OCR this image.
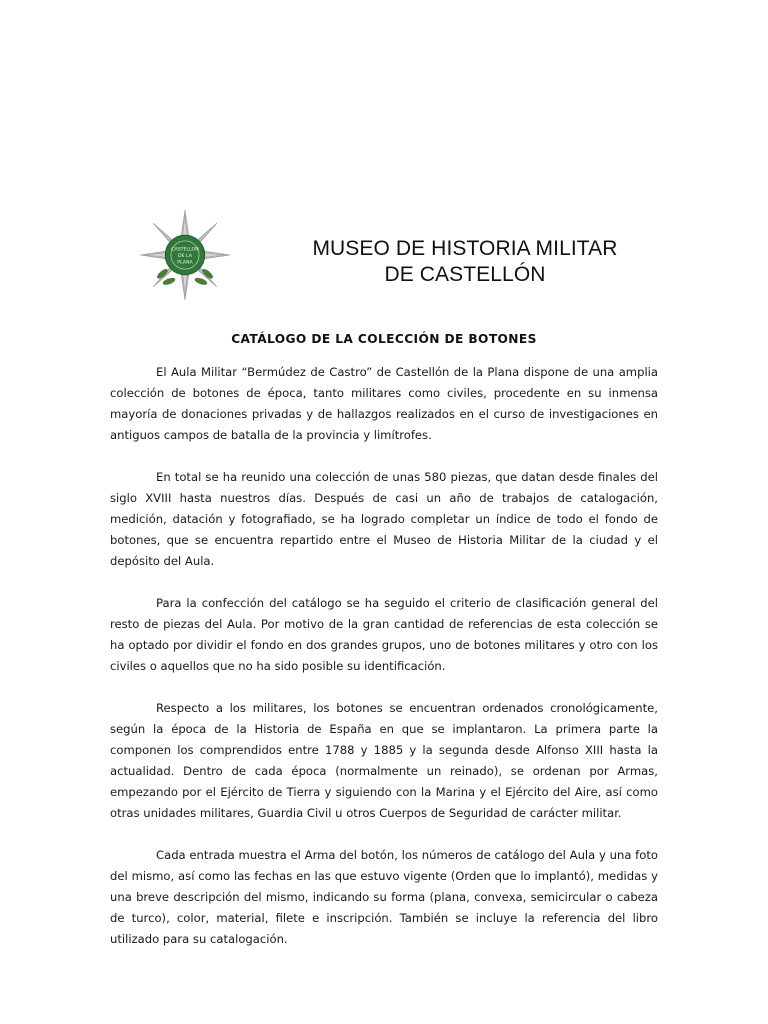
CASTELLON
DE LA
PLANA
MUSEO DE HISTORIA MILITAR
DE CASTELLÓN
CATÁLOGO DE LA COLECCIÓN DE BOTONES

El Aula Militar “Bermúdez de Castro” de Castellón de la Plana dispone de una amplia colección de botones de época, tanto militares como civiles, procedente en su inmensa mayoría de donaciones privadas y de hallazgos realizados en el curso de investigaciones en antiguos campos de batalla de la provincia y limítrofes.

En total se ha reunido una colección de unas 580 piezas, que datan desde finales del siglo XVIII hasta nuestros días. Después de casi un año de trabajos de catalogación, medición, datación y fotografiado, se ha logrado completar un índice de todo el fondo de botones, que se encuentra repartido entre el Museo de Historia Militar de la ciudad y el depósito del Aula.

Para la confección del catálogo se ha seguido el criterio de clasificación general del resto de piezas del Aula. Por motivo de la gran cantidad de referencias de esta colección se ha optado por dividir el fondo en dos grandes grupos, uno de botones militares y otro con los civiles o aquellos que no ha sido posible su identificación.

Respecto a los militares, los botones se encuentran ordenados cronológicamente, según la época de la Historia de España en que se implantaron. La primera parte la componen los comprendidos entre 1788 y 1885 y la segunda desde Alfonso XIII hasta la actualidad. Dentro de cada época (normalmente un reinado), se ordenan por Armas, empezando por el Ejército de Tierra y siguiendo con la Marina y el Ejército del Aire, así como otras unidades militares, Guardia Civil u otros Cuerpos de Seguridad de carácter militar.

Cada entrada muestra el Arma del botón, los números de catálogo del Aula y una foto del mismo, así como las fechas en las que estuvo vigente (Orden que lo implantó), medidas y una breve descripción del mismo, indicando su forma (plana, convexa, semicircular o cabeza de turco), color, material, filete e inscripción. También se incluye la referencia del libro utilizado para su catalogación.
